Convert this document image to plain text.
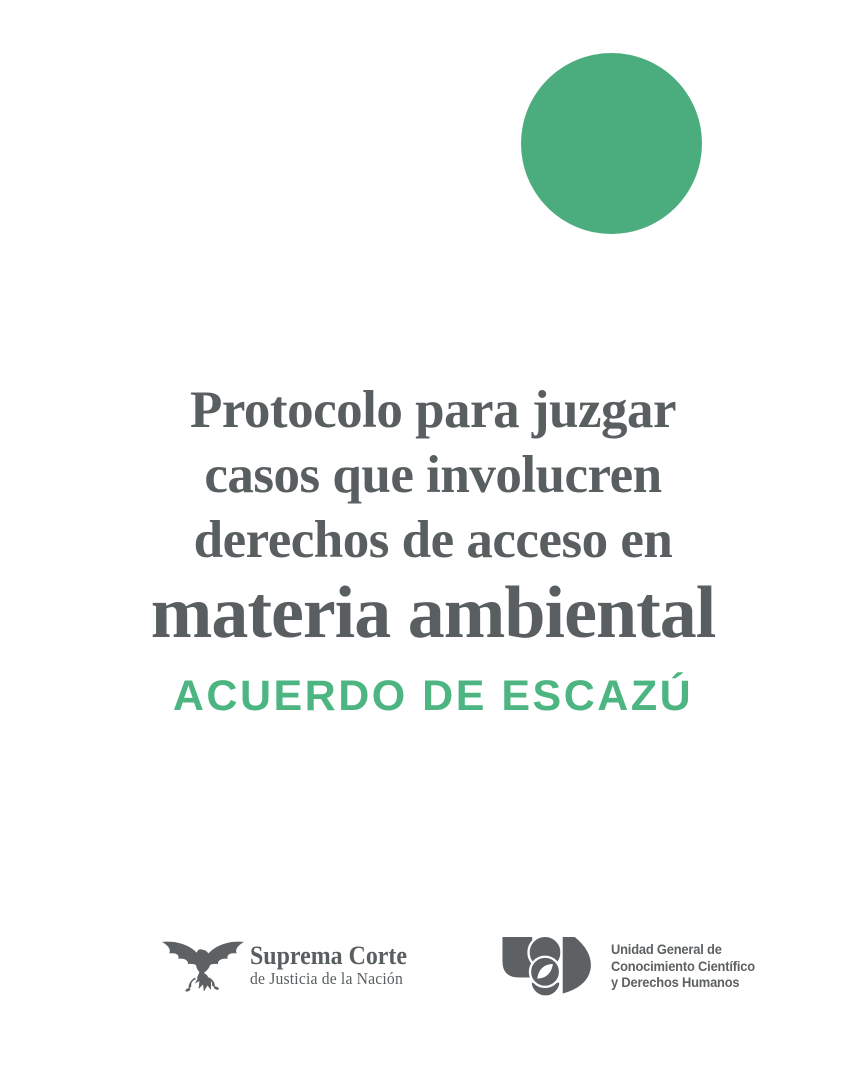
Protocolo para juzgar
casos que involucren
derechos de acceso en
materia ambiental
ACUERDO DE ESCAZÚ
Suprema Corte
de Justicia de la Nación
Unidad General de
Conocimiento Científico
y Derechos Humanos
